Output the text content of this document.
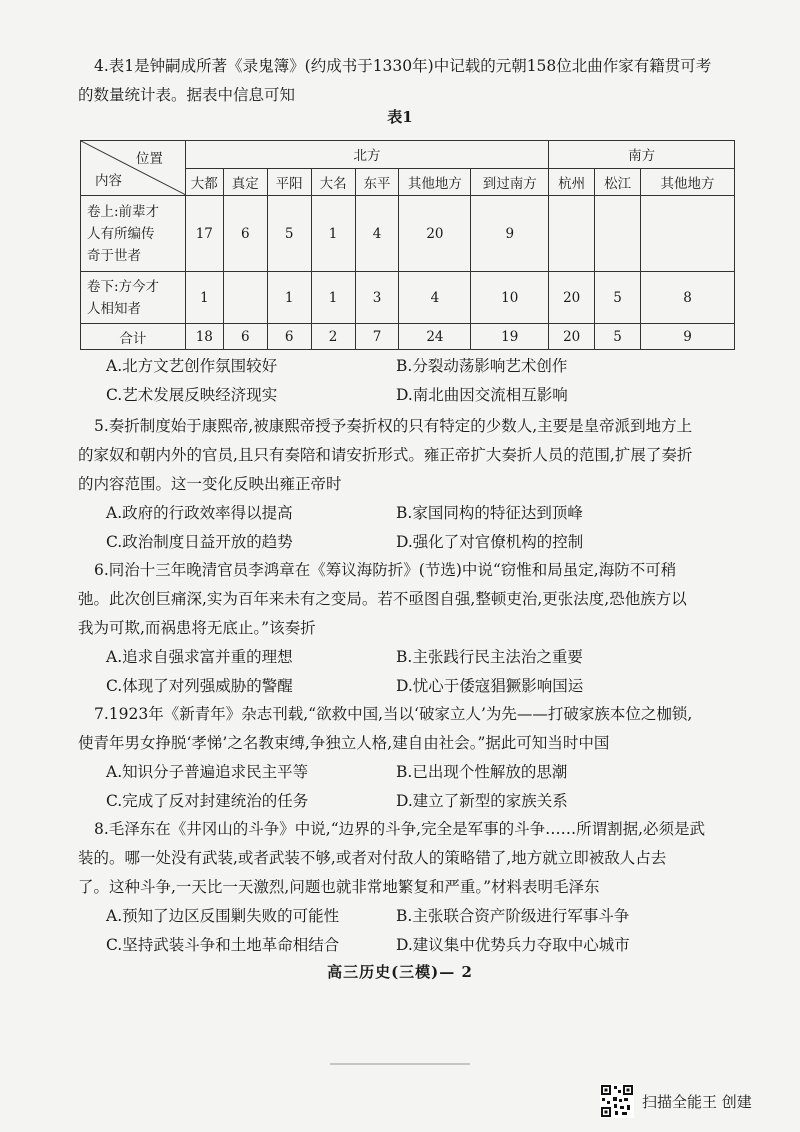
4.表1是钟嗣成所著《录鬼簿》(约成书于1330年)中记载的元朝158位北曲作家有籍贯可考

的数量统计表。据表中信息可知

表1
位置
内容	北方							南方		
	大都	真定	平阳	大名	东平	其他地方	到过南方	杭州	松江	其他地方

卷上:前辈才
人有所编传
奇于世者	17	6	5	1	4	20	9			

卷下:方今才
人相知者	1		1	1	3	4	10	20	5	8
合计	18	6	6	2	7	24	19	20	5	9
A.北方文艺创作氛围较好	B.分裂动荡影响艺术创作
C.艺术发展反映经济现实	D.南北曲因交流相互影响

5.奏折制度始于康熙帝,被康熙帝授予奏折权的只有特定的少数人,主要是皇帝派到地方上

的家奴和朝内外的官员,且只有奏陪和请安折形式。雍正帝扩大奏折人员的范围,扩展了奏折

的内容范围。这一变化反映出雍正帝时

A.政府的行政效率得以提高	B.家国同构的特征达到顶峰
C.政治制度日益开放的趋势	D.强化了对官僚机构的控制

6.同治十三年晚清官员李鸿章在《筹议海防折》(节选)中说“窃惟和局虽定,海防不可稍

弛。此次创巨痛深,实为百年来未有之变局。若不亟图自强,整顿吏治,更张法度,恐他族方以

我为可欺,而祸患将无底止。”该奏折

A.追求自强求富并重的理想	B.主张践行民主法治之重要
C.体现了对列强威胁的警醒	D.忧心于倭寇猖獗影响国运

7.1923年《新青年》杂志刊载,“欲救中国,当以‘破家立人’为先——打破家族本位之枷锁,

使青年男女挣脱‘孝悌’之名教束缚,争独立人格,建自由社会。”据此可知当时中国

A.知识分子普遍追求民主平等	B.已出现个性解放的思潮
C.完成了反对封建统治的任务	D.建立了新型的家族关系

8.毛泽东在《井冈山的斗争》中说,“边界的斗争,完全是军事的斗争……所谓割据,必须是武

装的。哪一处没有武装,或者武装不够,或者对付敌人的策略错了,地方就立即被敌人占去

了。这种斗争,一天比一天激烈,问题也就非常地繁复和严重。”材料表明毛泽东

A.预知了边区反围剿失败的可能性	B.主张联合资产阶级进行军事斗争
C.坚持武装斗争和土地革命相结合	D.建议集中优势兵力夺取中心城市
高三历史(三模)— 2
扫描全能王 创建
